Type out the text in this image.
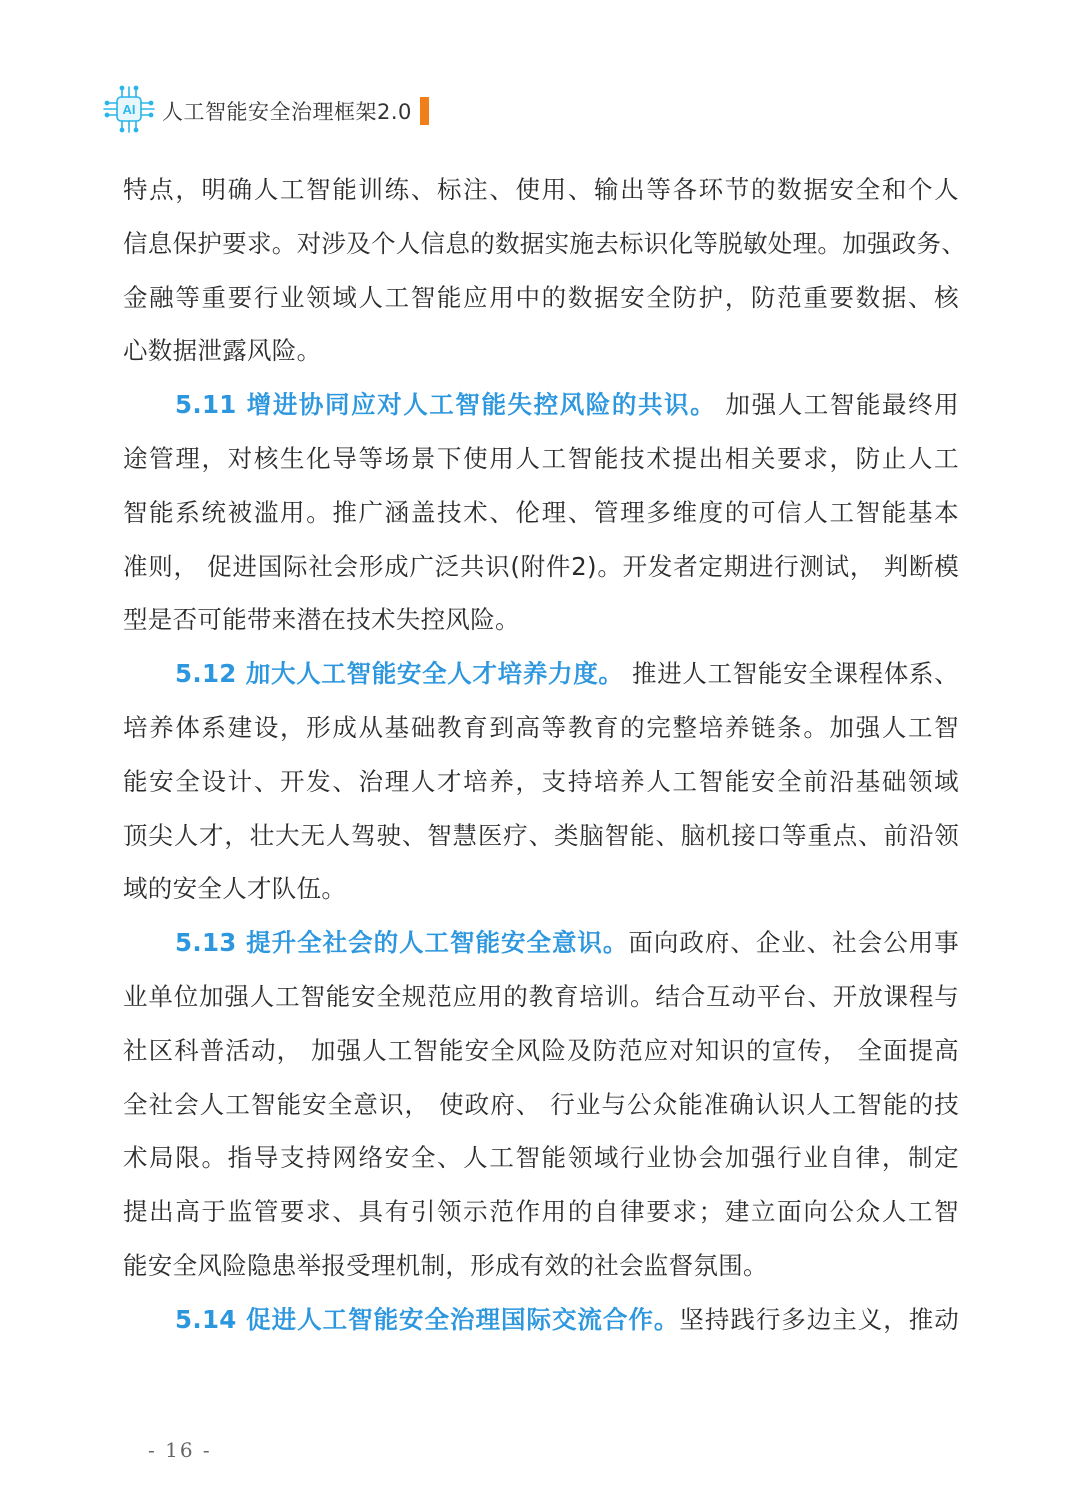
AI 人工智能安全治理框架2.0
特点，明确人工智能训练、标注、使用、输出等各环节的数据安全和个人
信息保护要求。对涉及个人信息的数据实施去标识化等脱敏处理。加强政务、
金融等重要行业领域人工智能应用中的数据安全防护，防范重要数据、核
心数据泄露风险。
5.11 增进协同应对人工智能失控风险的共识。 加强人工智能最终用
途管理，对核生化导等场景下使用人工智能技术提出相关要求，防止人工
智能系统被滥用。推广涵盖技术、伦理、管理多维度的可信人工智能基本
准则， 促进国际社会形成广泛共识(附件2)。开发者定期进行测试， 判断模
型是否可能带来潜在技术失控风险。
5.12 加大人工智能安全人才培养力度。 推进人工智能安全课程体系、
培养体系建设，形成从基础教育到高等教育的完整培养链条。加强人工智
能安全设计、开发、治理人才培养，支持培养人工智能安全前沿基础领域
顶尖人才，壮大无人驾驶、智慧医疗、类脑智能、脑机接口等重点、前沿领
域的安全人才队伍。
5.13 提升全社会的人工智能安全意识。面向政府、企业、社会公用事
业单位加强人工智能安全规范应用的教育培训。结合互动平台、开放课程与
社区科普活动， 加强人工智能安全风险及防范应对知识的宣传， 全面提高
全社会人工智能安全意识， 使政府、 行业与公众能准确认识人工智能的技
术局限。指导支持网络安全、人工智能领域行业协会加强行业自律，制定
提出高于监管要求、具有引领示范作用的自律要求；建立面向公众人工智
能安全风险隐患举报受理机制，形成有效的社会监督氛围。
5.14 促进人工智能安全治理国际交流合作。坚持践行多边主义，推动
- 16 -
